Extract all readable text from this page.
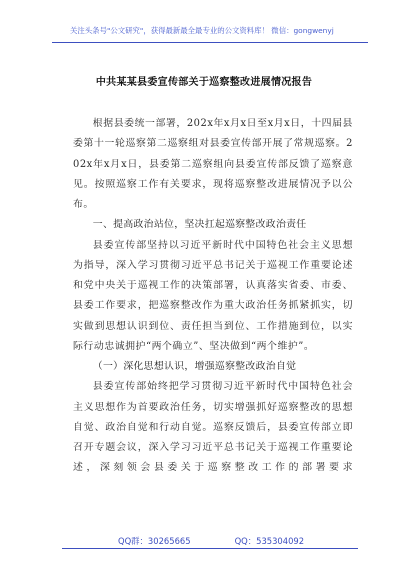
关注头条号"公文研究"，获得最新最全最专业的公文资料库！ 微信：gongwenyj
中共某某县委宣传部关于巡察整改进展情况报告

根据县委统一部署，202x年x月x日至x月x日，十四届县委第十一轮巡察第二巡察组对县委宣传部开展了常规巡察。202x年x月x日，县委第二巡察组向县委宣传部反馈了巡察意见。按照巡察工作有关要求，现将巡察整改进展情况予以公布。

一、提高政治站位，坚决扛起巡察整改政治责任

县委宣传部坚持以习近平新时代中国特色社会主义思想为指导，深入学习贯彻习近平总书记关于巡视工作重要论述和党中央关于巡视工作的决策部署，认真落实省委、市委、县委工作要求，把巡察整改作为重大政治任务抓紧抓实，切实做到思想认识到位、责任担当到位、工作措施到位，以实际行动忠诚拥护“两个确立”、坚决做到“两个维护”。

（一）深化思想认识，增强巡察整改政治自觉

县委宣传部始终把学习贯彻习近平新时代中国特色社会主义思想作为首要政治任务，切实增强抓好巡察整改的思想自觉、政治自觉和行动自觉。巡察反馈后，县委宣传部立即召开专题会议，深入学习习近平总书记关于巡视工作重要论述，深刻领会县委关于巡察整改工作的部署要求

QQ群：30265665	QQ：535304092
